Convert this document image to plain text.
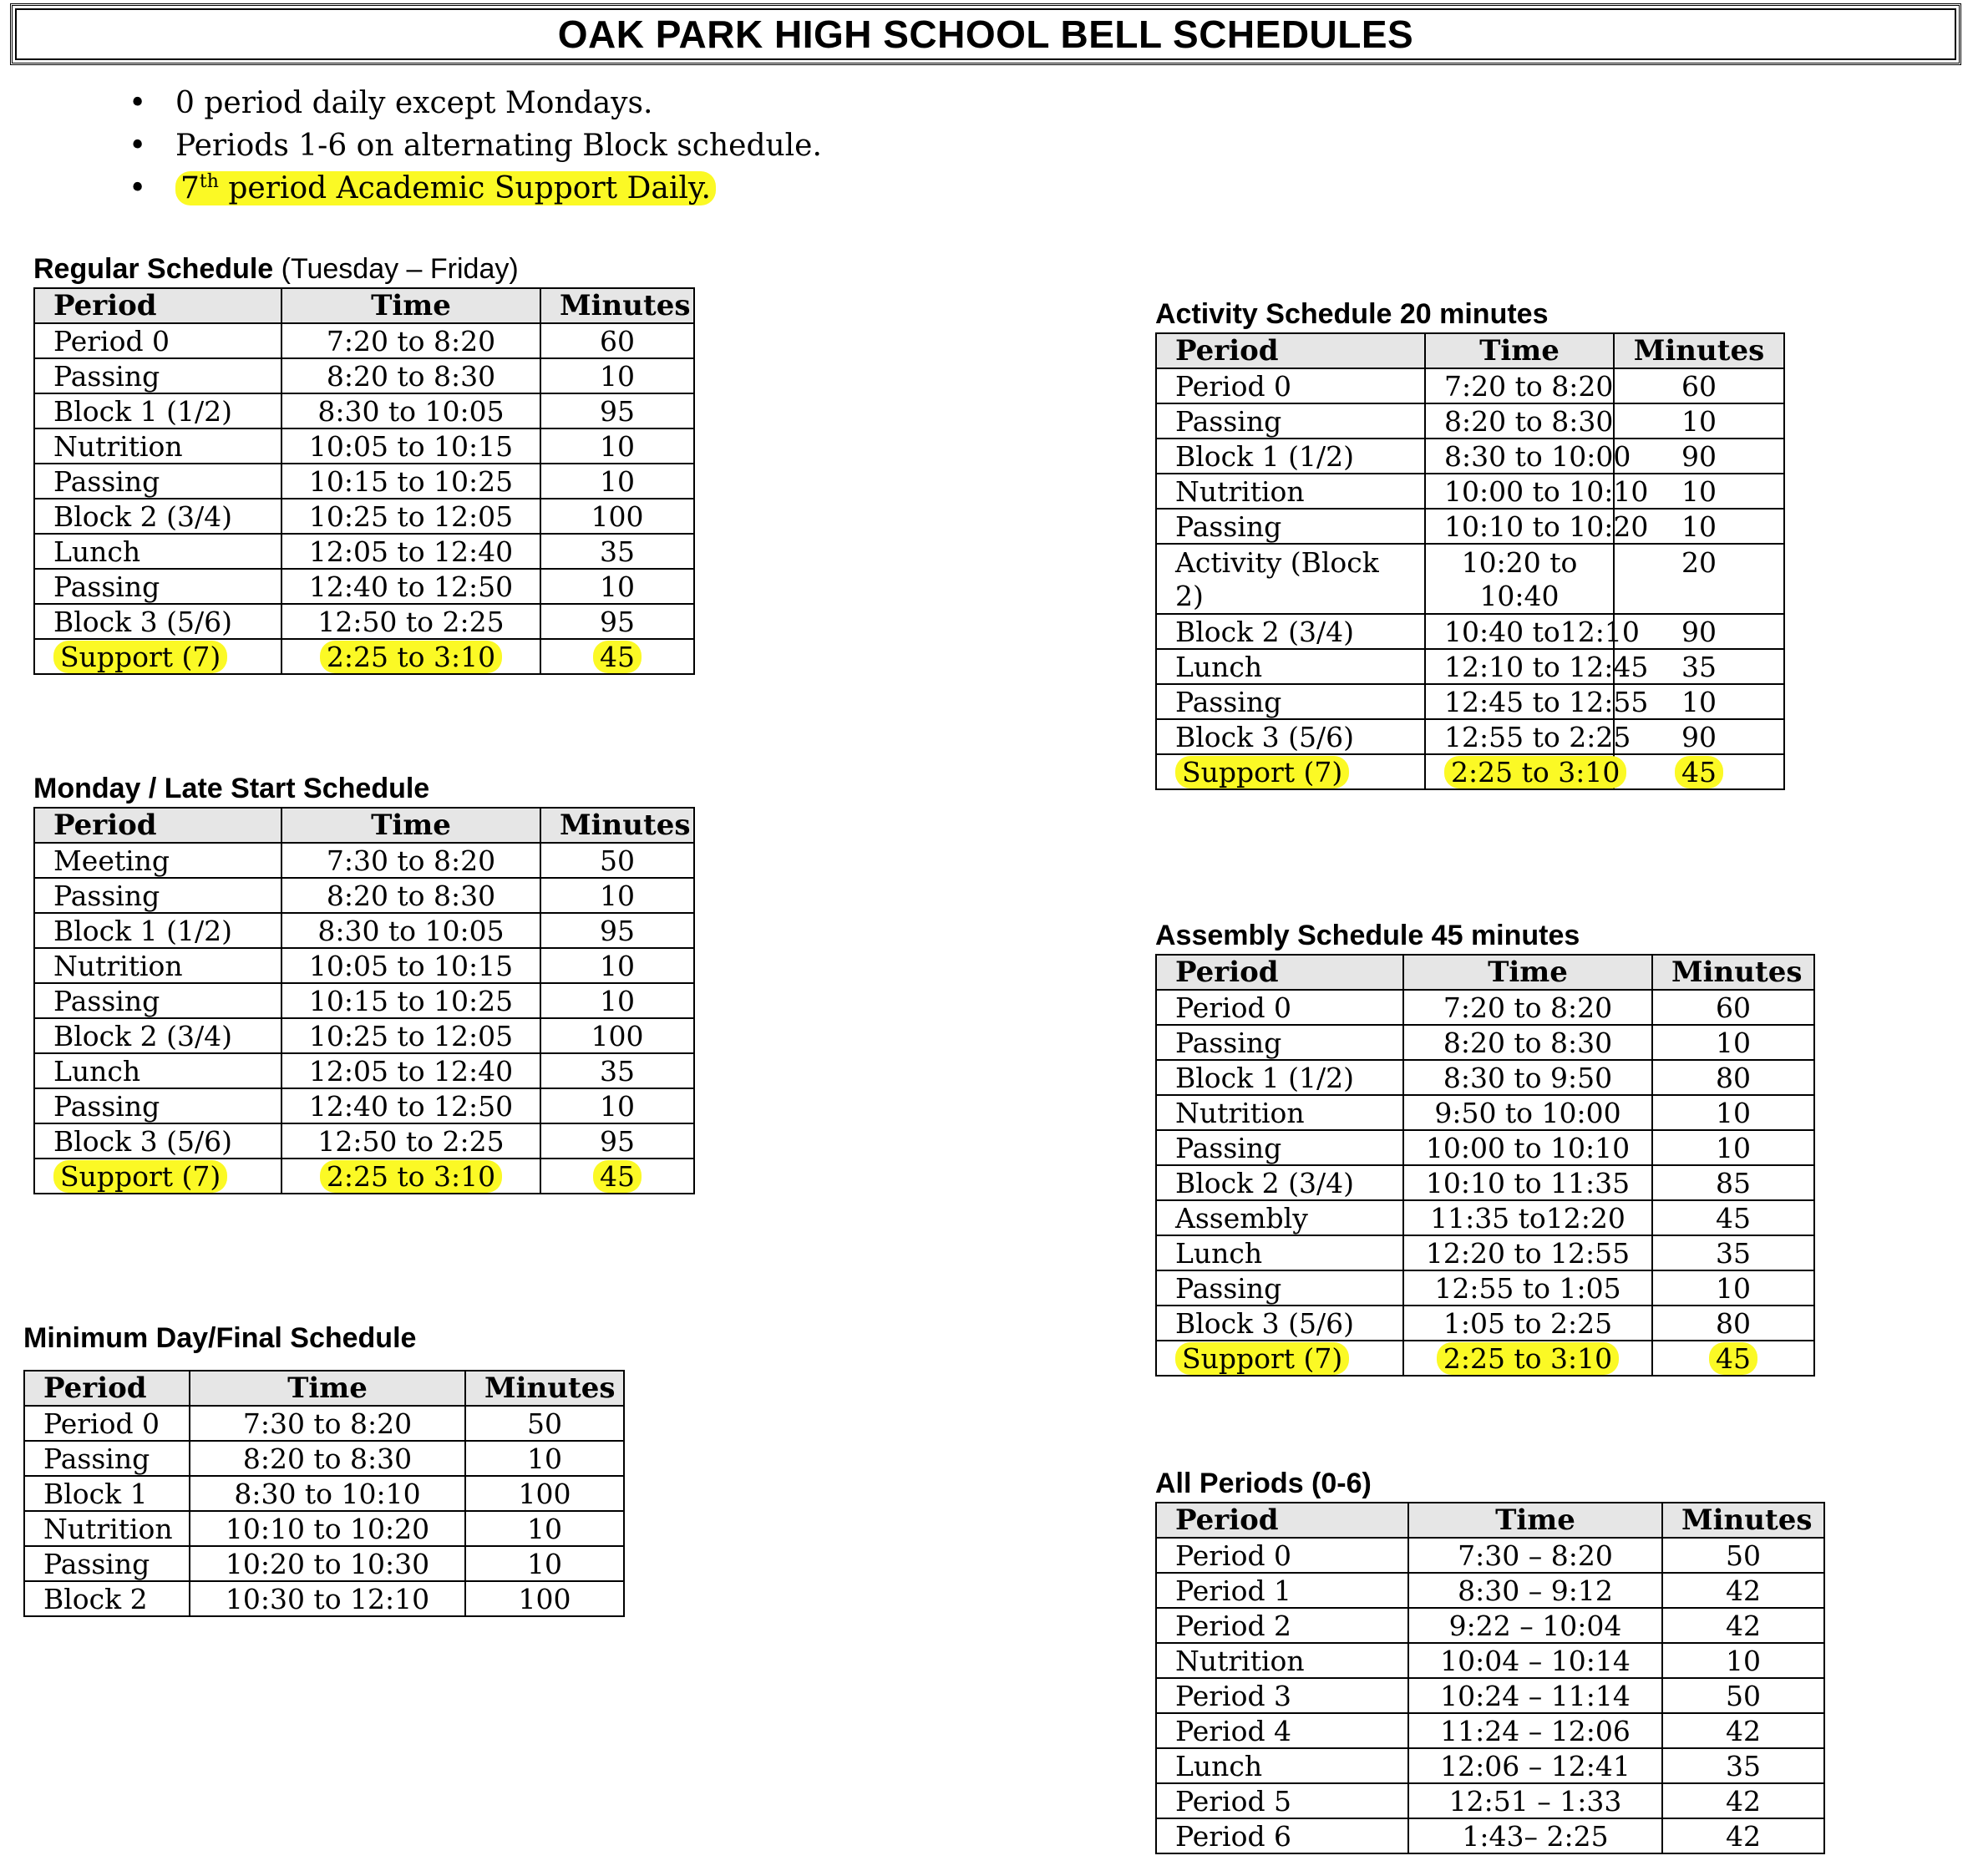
OAK PARK HIGH SCHOOL BELL SCHEDULES
• 0 period daily except Mondays.
• Periods 1-6 on alternating Block schedule.
• 7th period Academic Support Daily.
Regular Schedule (Tuesday – Friday)
Period	Time	Minutes
Period 0	7:20 to 8:20	60
Passing	8:20 to 8:30	10
Block 1 (1/2)	8:30 to 10:05	95
Nutrition	10:05 to 10:15	10
Passing	10:15 to 10:25	10
Block 2 (3/4)	10:25 to 12:05	100
Lunch	12:05 to 12:40	35
Passing	12:40 to 12:50	10
Block 3 (5/6)	12:50 to 2:25	95
Support (7)	2:25 to 3:10	45
Monday / Late Start Schedule
Period	Time	Minutes
Meeting	7:30 to 8:20	50
Passing	8:20 to 8:30	10
Block 1 (1/2)	8:30 to 10:05	95
Nutrition	10:05 to 10:15	10
Passing	10:15 to 10:25	10
Block 2 (3/4)	10:25 to 12:05	100
Lunch	12:05 to 12:40	35
Passing	12:40 to 12:50	10
Block 3 (5/6)	12:50 to 2:25	95
Support (7)	2:25 to 3:10	45
Minimum Day/Final Schedule
Period	Time	Minutes
Period 0	7:30 to 8:20	50
Passing	8:20 to 8:30	10
Block 1	8:30 to 10:10	100
Nutrition	10:10 to 10:20	10
Passing	10:20 to 10:30	10
Block 2	10:30 to 12:10	100
Activity Schedule 20 minutes
Period	Time	Minutes
Period 0	7:20 to 8:20	60
Passing	8:20 to 8:30	10
Block 1 (1/2)	8:30 to 10:00	90
Nutrition	10:00 to 10:10	10
Passing	10:10 to 10:20	10
Activity (Block 2)	10:20 to 10:40	20
Block 2 (3/4)	10:40 to12:10	90
Lunch	12:10 to 12:45	35
Passing	12:45 to 12:55	10
Block 3 (5/6)	12:55 to 2:25	90
Support (7)	2:25 to 3:10	45
Assembly Schedule 45 minutes
Period	Time	Minutes
Period 0	7:20 to 8:20	60
Passing	8:20 to 8:30	10
Block 1 (1/2)	8:30 to 9:50	80
Nutrition	9:50 to 10:00	10
Passing	10:00 to 10:10	10
Block 2 (3/4)	10:10 to 11:35	85
Assembly	11:35 to12:20	45
Lunch	12:20 to 12:55	35
Passing	12:55 to 1:05	10
Block 3 (5/6)	1:05 to 2:25	80
Support (7)	2:25 to 3:10	45
All Periods (0-6)
Period	Time	Minutes
Period 0	7:30 – 8:20	50
Period 1	8:30 – 9:12	42
Period 2	9:22 – 10:04	42
Nutrition	10:04 – 10:14	10
Period 3	10:24 – 11:14	50
Period 4	11:24 – 12:06	42
Lunch	12:06 – 12:41	35
Period 5	12:51 – 1:33	42
Period 6	1:43– 2:25	42
